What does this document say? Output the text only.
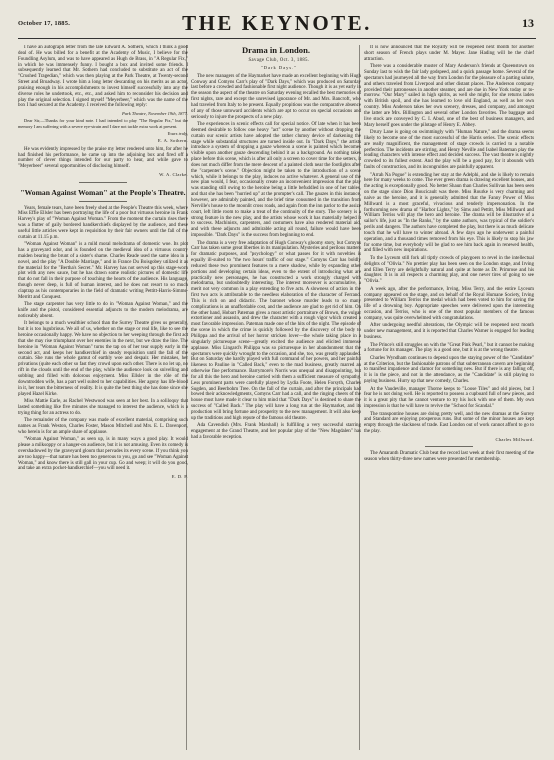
October 17, 1885.	THE KEYNOTE.	13

I have an autograph letter from the late Edward A. Sothern, which I think a good deal of. He was billed for a benefit at the Academy of Music, I believe for the Foundling Asylum, and was to have appeared as Hugh de Brass, in "A Regular Fix," in which he was immensely funny. I bought a box and invited some friends. I subsequently learned that Mr. Sothern had concluded to substitute an act of the "Crushed Tragedian," which was then playing at the Park Theatre, at Twenty-second Street and Broadway. I wrote him a long letter descanting on his merits as an actor, praising enough in his accomplishments to invest himself successfully into any the diverse roles he undertook, etc., etc., and asked him to reconsider his decision and play the original selection. I signed myself "Meyerbeer," which was the name of the box I had secured at the Academy. I received the following reply:

Park Theatre, November 19th, 1877.

Dear Sir,—Thanks for your kind note. I had intended to play "The Regular Fix," but the memory I am suffering with a severe eye-strain and I dare not tackle extra work at present.

Yours truly,

E. A. Sothern.

He was evidently impressed by the praise my letter rendered unto him, for after he had finished his performance, he came up into the adjoining box and fired off a number of clever things intended for our party to hear, and while gave to "Meyerbeer" several opportunities of disclosing himself.

W. A. Clarke.

"Woman Against Woman" at the People's Theatre.

Years, female tears, have been freely shed at the People's Theatre this week, where Miss Effie Ellsler has been portraying the life of a poor but virtuous heroine in Frank Harvey's play of "Woman Against Woman." From the moment the curtain rises there was a flutter of gaily bordered handkerchiefs displayed by the audience, and these useful little articles were kept in requisition by their fair owners until the fall of the curtain at 11.15 p.m.

"Woman Against Woman" is a mild moral melodrama of domestic woe. Its plot has a graveyard odor, and is founded on the medieval idea of a virtuous country maiden bearing the brunt of a sister's shame. Charles Reade used the same idea in a novel, and the play "A Double Marriage," and in France Du Boisgobey utilized it as the material for the "Bertha's Secret." Mr. Harvey has not served up this stage-worn plot with any new sauce, but he has drawn some realistic pictures of domestic life that do not fall in their purpose of touching the hearts of the audience. His language, though never deep, is full of human interest, and he does not resort to so much claptrap as his contemporaries in the field of dramatic writing Pettitt-Harris-Simms-Merritt and Conquest.

The stage carpenter has very little to do in "Woman Against Woman," and the knife and the pistol, considered essential adjuncts to the modern melodrama, are noticeably absent.

It belongs to a much wealthier school than the Surrey Theatre gives us generally, but it is too lugubrious. We all of us, whether on the stage or real life, like to see the heroine occasionally happy. We have no objection to her weeping through the first act that she may rise triumphant over her enemies in the next, but we draw the line. The heroine in "Woman Against Woman" turns the tap on of her tear supply early in the second act, and keeps her handkerchief in steady requisition until the fall of the curtain. She runs the whole gamut of earthly woe and despair. Her mistakes, her privations (quite each other so fast they crowd upon each other. There is no let up, no rift in the clouds until the end of the play, while the audience look on snivelling and sobbing and filled with dolorous enjoyment. Miss Ellsler in the rôle of the downtrodden wife, has a part well suited to her capabilities. Her agony has life-blood in it, her tears the bitterness of reality. It is quite the best thing she has done since she played Hazel Kirke.

Miss Mattie Earle, as Rachel Westwood was seen at her best. In a soliloquy that lasted something like five minutes she managed to interest the audience, which is a trying thing for an actress to do.

The remainder of the company was made of excellent material, comprising such names as Frank Weston, Charles Foster, Mason Mitchell and Mrs. E. L. Davenport, who herein is for an ample share of applause.

"Woman Against Woman," as seen up, is in many ways a good play. It would please a milksoppy or a hanger-on audience, but it is not amusing. Even its comedy is overshadowed by the graveyard gloom that pervades its every scene. If you think you are too happy—that nature has been too generous to you, go and see "Woman Against Woman," and know there is still gall in your cup. Go and weep; it will do you good, and take an extra pocket-handkerchief—you will need it.

E. D. P.

Drama in London.

Savage Club, Oct. 3, 1885.

"Dark Days."

The new managers of the Haymarket have made an excellent beginning with Hugh Conway and Comyns Carr's play of "Dark Days," which was produced on Saturday last before a crowded and fashionable first night audience. Though it is as yet early in the season the aspect of the theatre on Saturday evening recalled the best memories of first nights, rare and except the unrevised ignorance of Mr. and Mrs. Bancroft, who had traveled from Italy to be present. Equally propitious was the comparative absence of any of those untoward accidents which are apt to occur on special occasions and seriously to injure the prospects of a new play.

The experiences in scenic effects call for special notice. Of late when it has been deemed desirable to follow one heavy "act" scene by another without dropping the curtain our scenic artists have adopted the rather clumsy device of darkening the stage while substantial structures are turned inside out. In "Dark Days," the artists introduce a system of dropping a gauze whereon a scene is painted which becomes visible upon another gauze descending behind it as a background. As nothing takes place before this scene, which is after all only a screen to cover time for the setters, it does not much differ from the mere descent of a painted cloth near the footlights after the "carpenter's scene." Objection might be taken to the introduction of a scene which, while it belongs to the play, induces no active whatever. A general use of the new plan would, I fear, occasionally create an inconvenient impression that the play was standing still owing to the heroine being a little befuddled in one of her tables, and that she has been "hurried up" at the prompter's call. The gauzes in this instance, however, are admirably painted, and the brief time consumed in the transition from Nerville's house to the moonlit cross roads, and again from the inn parlor to the assize court, left little room to make a treat of the continuity of the story. The scenery is a strong feature in the new play, and the artists whose work it has materially helped it to success. Machinists, carpenters, and costumers have also rendered material aid, and with these adjuncts and admirable acting all round, failure would have been impossible. "Dark Days" is the success from beginning to end.

The drama is a very free adaptation of Hugh Conway's gloomy story, but Comyns Carr has taken some great liberties in its manipulation. Mysteries and perilous matters for dramatic purposes, and "psychology" or what passes for it with novelties is equally ill-suited to "the two hours' traffic of our stage." Comyns Carr has boldly reduced these two prominent features to a mere shadow, while by expanding other portions and developing certain ideas, even to the extent of introducing what are practically new personages, he has constructed a work strongly charged with melodrama, but undoubtedly interesting. The interest moreover is accumulative, a merit not very common in a play extending to five acts. A slowness of action in the first two acts is attributable to the needless elaboration of the character of Ferrand. This is rich on and didactic. The baronet whose murder leads to so many complications is an unaffordable cost, and the audience are glad to get rid of him. On the other hand, Hobart Pateman gives a most artistic portraiture of Brown, the vulgar extortioner and assassin, and drew the character with a rough vigor which created a most favorable impression. Pateman made one of the hits of the night. The episode of the scene in which the crime is quickly followed by the discovery of the body to Philippa and the arrival of her horror stricken lover—the whole taking place in a singularly picturesque scene—greatly excited the audience and elicited immense applause. Miss Lingard's Philippa was so picturesque in her abandonment that the spectators were quickly wrought to the occasion, and she, too, was greatly applauded. But on Saturday she hardly played with full command of her powers, and her painful likeness to Pauline in "Called Back," even to the mad business, greatly marred an otherwise fine performance. Barrymore's Norris was unequal and disappointing, but for all this the hero and heroine carried with them a sufficient measure of sympathy. Less prominent parts were carefully played by Lydia Foote, Helen Forsyth, Charles Sugden, and Beerbohm Tree. On the fall of the curtain, and after the principals had bowed their acknowledgments, Comyns Carr had a call, and the ringing cheers of the house must have made it clear to him mind that "Dark Days" is destined to share the success of "Called Back." The play will have a long run at the Haymarket, and its production will bring fortune and prosperity to the new management. It will also keep up the traditions and high repute of the famous old theatre.

Ada Cavendish (Mrs. Frank Marshall) is fulfilling a very successful starring engagement at the Grand Theatre, and her popular play of the "New Magdalen" has had a favorable reception.

It is now announced that the Royalty will be reopened next month for another short season of French plays under M. Mayer. Jane Hading will be the chief attraction.

There was a considerable muster of Mary Anderson's friends at Queenstown on Sunday last to wish the fair lady godspeed, and a quick passage home. Several of the spectators had journeyed all the way from London for the pleasure of a parting salute, and others traveled from Liverpool and other distant places. The Anderson company provided their patronesses in another steamer, and are due in New York today or to-morrow. "Our Mary" sailed in high spirits, as well she might, for she returns laden with British spoil, and she has learned to love old England, as well as her own country. Miss Anderson takes her own scenery, dresses, and company, and amongst the latter are Mrs. Billington and several other London favorites. The baggage and live stock are conveyed by C. I. Abud, one of the best of business managers, and Mary herself goes under the pilotage of Henry E. Abbey.

Drury Lane is going on swimmingly with "Human Nature," and the drama seems likely to become one of the most successful of the Harris series. The scenic effects are really magnificent, the management of stage crowds is carried to a notable perfection. The incidents are stirring, and Henry Neville and Isabel Bateman play the leading characters with intense effect and decided success. The vast theatre is nightly crowded to its fullest extent. And the play will be a good pay, for it abounds with faults of construction, and its incongruities are painfully apparent.

"Arrah Na Pogue" is extending her stay at the Adelphi, and she is likely to remain here for many weeks to come. The ever green drama is drawing excellent houses, and the acting is exceptionally good. No better Shaun than Charles Sullivan has been seen on the stage since Dion Boucicault was there. Miss Rourke is very charming and naive as the heroine, and it is generally admitted that the Fanny Power of Miss Millward is a most graceful, vivacious and tenderly impersonation. In the forthcoming new drama of "Harbor Lights," by Sims and Pettitt, Miss Millward and William Terriss will play the hero and heroine. The drama will be illustrative of a sailor's life, just as "In the Ranks," by the same authors, was typical of the soldier's perils and dangers. The authors have completed the play, but there is as much delicate touch that he will have to winter abroad. A few days ago he underwent a painful operation, and a thousand times removed from his eye. This is likely to stop his jaw for some time, but everybody will be glad to see him back again in renewed health, and filled with new inspirations.

To the Lyceum still fork all tiptly crowds of playgoers to revel in the intellectual delights of "Olivia." No prettier play has been seen on the London stage, and Irving and Ellen Terry are delightfully natural and quite at home as Dr. Primrose and his daughter. It is in all respects a charming play, and one never tires of going to see "Olivia."

A week ago, after the performance, Irving, Miss Terry, and the entire Lyceum company appeared on the stage, and on behalf of the Royal Humane Society, Irving presented to William Terriss the medal which had been voted to him for saving the life of a drowning boy. Appropriate speeches were delivered upon the interesting occasion, and Terriss, who is one of the most popular members of the famous company, was quite overwhelmed with congratulations.

After undergoing needful alterations, the Olympic will be reopened next month under new management, and it is reported that Charles Warner is engaged for leading business.

The Prince's still struggles on with the "Great Pink Pearl," but it cannot be making a fortune for its manager. The play is a good one, but it is at the wrong theatre.

Charles Wyndham continues to depend upon the staying power of the "Candidate" at the Criterion, but the fashionable patrons of that subterranean cavern are beginning to manifest impatience and clamor for something new. But if there is any falling off, it is in the piece, and not in the attendance, as the "Candidate" is still playing to paying business. Hurry up that new comedy, Charles.

At the Vaudeville, manager Thorne keeps to "Loose Tiles" and old pieces, but I fear he is not doing well. He is reported to possess a cupboard full of new pieces, and it is a great pity that he cannot venture to try his luck with one of them. My own impression is that he will have to revive the "School for Scandal."

The transpontine houses are doing pretty well, and the new dramas at the Surrey and Standard are enjoying prosperous runs. But some of the minor houses are kept empty through the slackness of trade. East London out of work cannot afford to go to the play.

Charles Millward.

The Amaranth Dramatic Club beat the record last week at their first meeting of the season when thirty-three new names were presented for membership.
